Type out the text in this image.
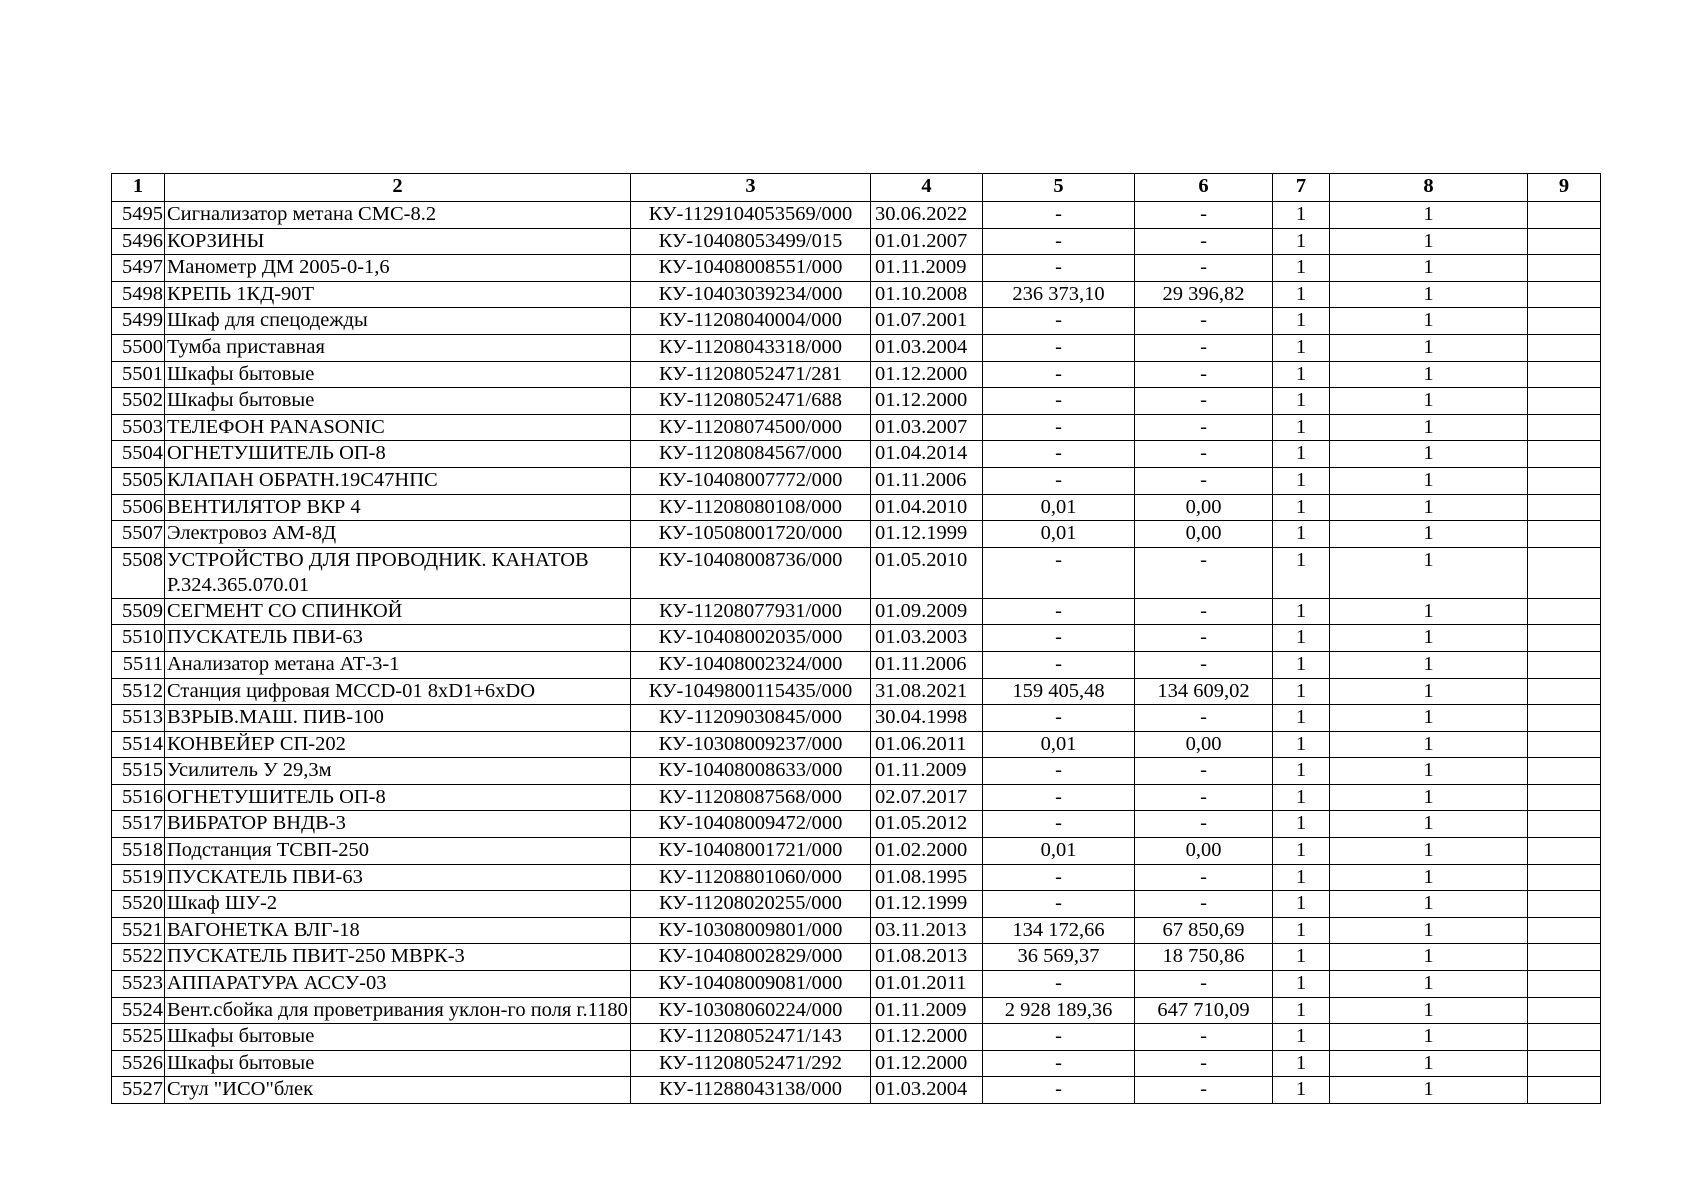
1	2	3	4	5	6	7	8	9
5495	Сигнализатор метана СМС-8.2	КУ-1129104053569/000	30.06.2022	-	-	1	1	
5496	КОРЗИНЫ	КУ-10408053499/015	01.01.2007	-	-	1	1	
5497	Манометр ДМ 2005-0-1,6	КУ-10408008551/000	01.11.2009	-	-	1	1	
5498	КРЕПЬ 1КД-90Т	КУ-10403039234/000	01.10.2008	236 373,10	29 396,82	1	1	
5499	Шкаф для спецодежды	КУ-11208040004/000	01.07.2001	-	-	1	1	
5500	Тумба приставная	КУ-11208043318/000	01.03.2004	-	-	1	1	
5501	Шкафы бытовые	КУ-11208052471/281	01.12.2000	-	-	1	1	
5502	Шкафы бытовые	КУ-11208052471/688	01.12.2000	-	-	1	1	
5503	ТЕЛЕФОН PANASONIC	КУ-11208074500/000	01.03.2007	-	-	1	1	
5504	ОГНЕТУШИТЕЛЬ ОП-8	КУ-11208084567/000	01.04.2014	-	-	1	1	
5505	КЛАПАН ОБРАТН.19С47НПС	КУ-10408007772/000	01.11.2006	-	-	1	1	
5506	ВЕНТИЛЯТОР ВКР 4	КУ-11208080108/000	01.04.2010	0,01	0,00	1	1	
5507	Электровоз АМ-8Д	КУ-10508001720/000	01.12.1999	0,01	0,00	1	1	
5508	УСТРОЙСТВО ДЛЯ ПРОВОДНИК. КАНАТОВ Р.324.365.070.01	КУ-10408008736/000	01.05.2010	-	-	1	1	
5509	СЕГМЕНТ СО СПИНКОЙ	КУ-11208077931/000	01.09.2009	-	-	1	1	
5510	ПУСКАТЕЛЬ ПВИ-63	КУ-10408002035/000	01.03.2003	-	-	1	1	
5511	Анализатор метана АТ-3-1	КУ-10408002324/000	01.11.2006	-	-	1	1	
5512	Станция цифровая МССD-01 8хD1+6хDO	КУ-1049800115435/000	31.08.2021	159 405,48	134 609,02	1	1	
5513	ВЗРЫВ.МАШ. ПИВ-100	КУ-11209030845/000	30.04.1998	-	-	1	1	
5514	КОНВЕЙЕР СП-202	КУ-10308009237/000	01.06.2011	0,01	0,00	1	1	
5515	Усилитель У 29,3м	КУ-10408008633/000	01.11.2009	-	-	1	1	
5516	ОГНЕТУШИТЕЛЬ ОП-8	КУ-11208087568/000	02.07.2017	-	-	1	1	
5517	ВИБРАТОР ВНДВ-3	КУ-10408009472/000	01.05.2012	-	-	1	1	
5518	Подстанция ТСВП-250	КУ-10408001721/000	01.02.2000	0,01	0,00	1	1	
5519	ПУСКАТЕЛЬ ПВИ-63	КУ-11208801060/000	01.08.1995	-	-	1	1	
5520	Шкаф ШУ-2	КУ-11208020255/000	01.12.1999	-	-	1	1	
5521	ВАГОНЕТКА ВЛГ-18	КУ-10308009801/000	03.11.2013	134 172,66	67 850,69	1	1	
5522	ПУСКАТЕЛЬ ПВИТ-250 МВРК-3	КУ-10408002829/000	01.08.2013	36 569,37	18 750,86	1	1	
5523	АППАРАТУРА АССУ-03	КУ-10408009081/000	01.01.2011	-	-	1	1	
5524	Вент.сбойка для проветривания уклон-го поля г.1180	КУ-10308060224/000	01.11.2009	2 928 189,36	647 710,09	1	1	
5525	Шкафы бытовые	КУ-11208052471/143	01.12.2000	-	-	1	1	
5526	Шкафы бытовые	КУ-11208052471/292	01.12.2000	-	-	1	1	
5527	Стул "ИСО"блек	КУ-11288043138/000	01.03.2004	-	-	1	1	
